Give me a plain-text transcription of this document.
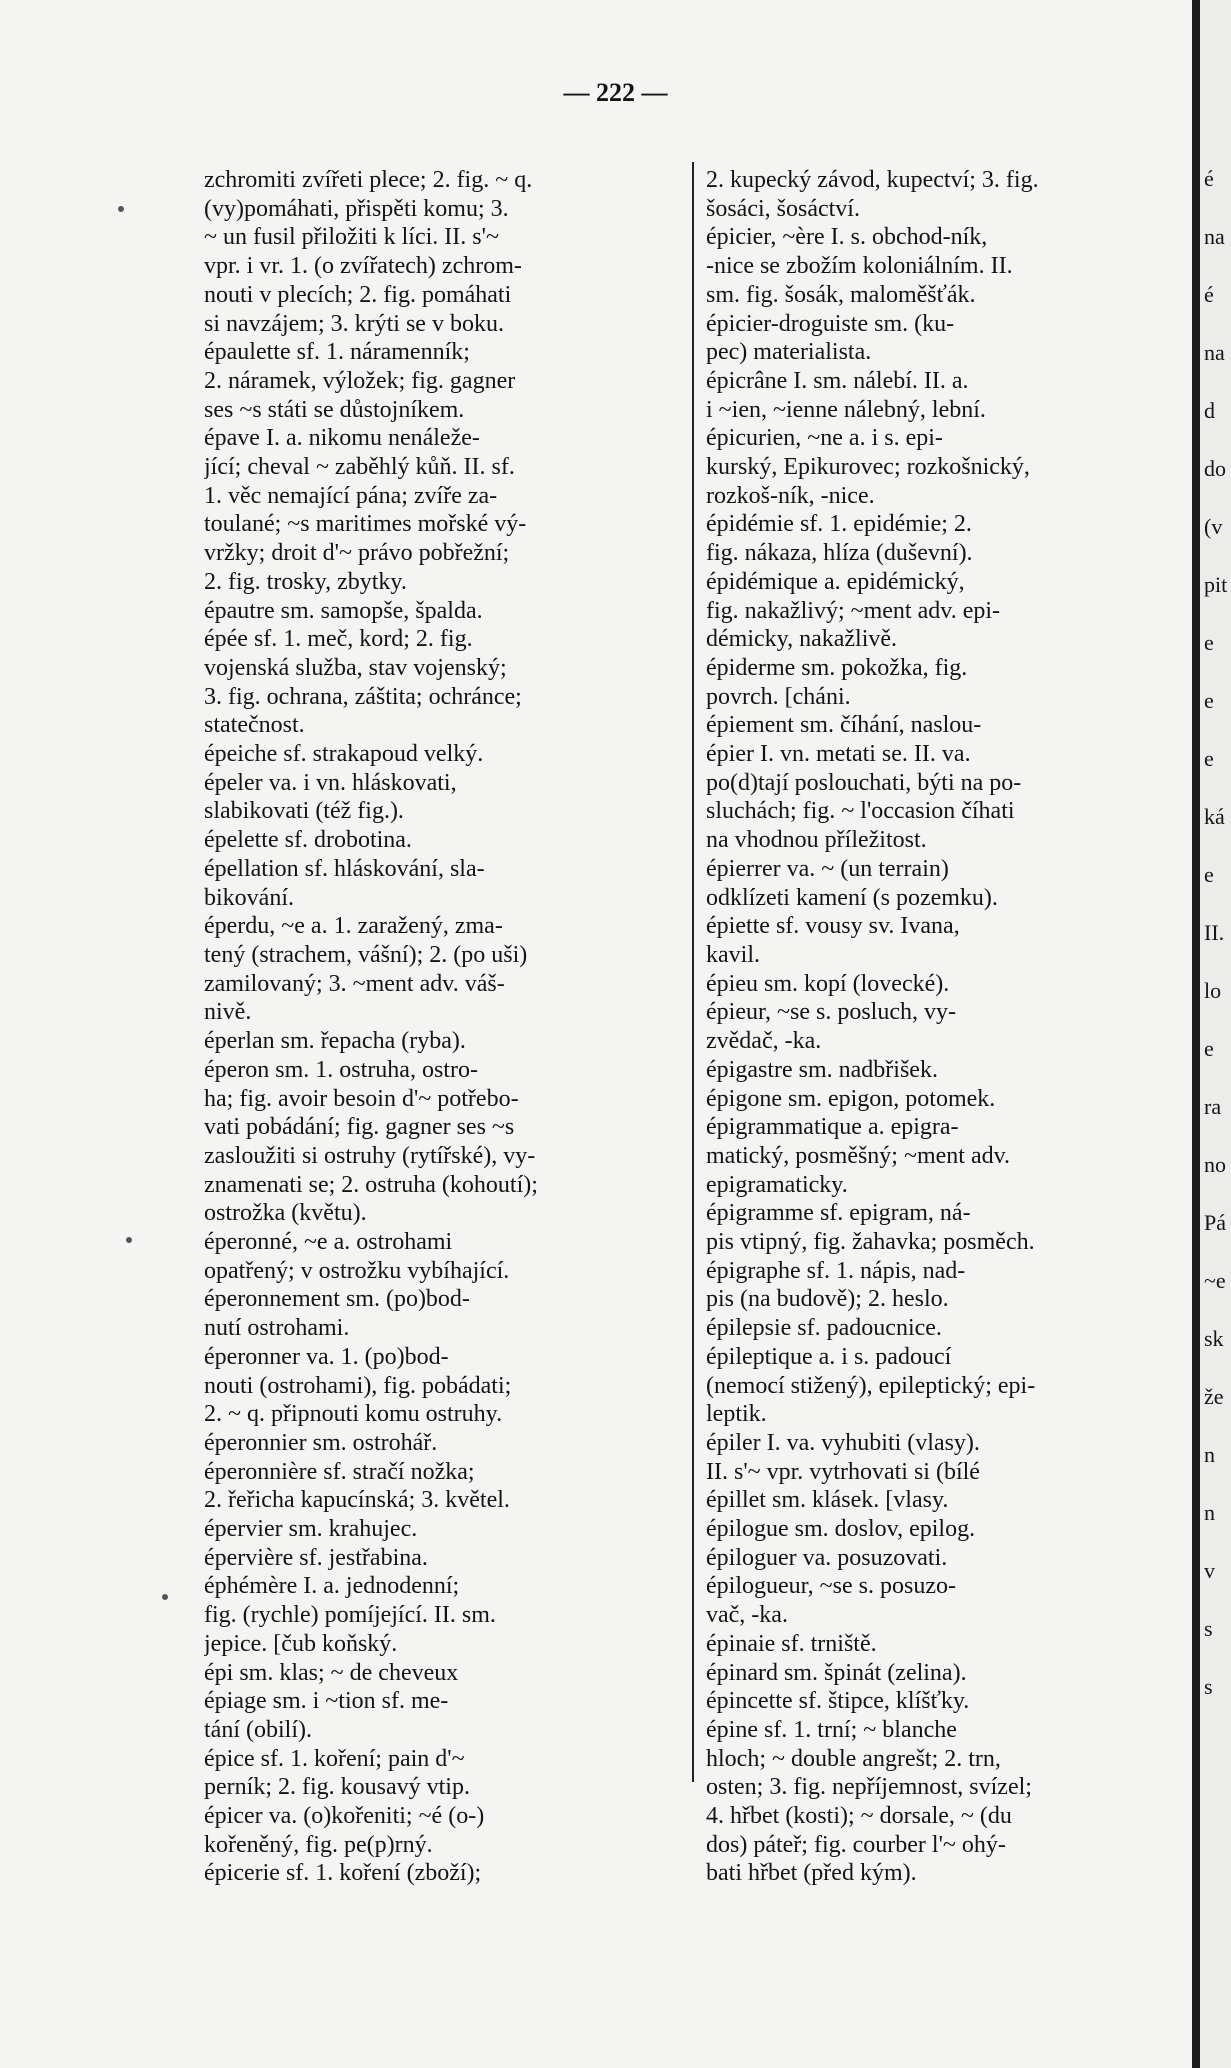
— 222 —

zchromiti zvířeti plece; 2. fig. ~ q.

(vy)pomáhati, přispěti komu; 3.

~ un fusil přiložiti k líci. II. s'~

vpr. i vr. 1. (o zvířatech) zchrom-

nouti v plecích; 2. fig. pomáhati

si navzájem; 3. krýti se v boku.

épaulette sf. 1. náramenník;

2. náramek, výložek; fig. gagner

ses ~s státi se důstojníkem.

épave I. a. nikomu nenáleže-

jící; cheval ~ zaběhlý kůň. II. sf.

1. věc nemající pána; zvíře za-

toulané; ~s maritimes mořské vý-

vržky; droit d'~ právo pobřežní;

2. fig. trosky, zbytky.

épautre sm. samopše, špalda.

épée sf. 1. meč, kord; 2. fig.

vojenská služba, stav vojenský;

3. fig. ochrana, záštita; ochránce;

statečnost.

épeiche sf. strakapoud velký.

épeler va. i vn. hláskovati,

slabikovati (též fig.).

épelette sf. drobotina.

épellation sf. hláskování, sla-

bikování.

éperdu, ~e a. 1. zaražený, zma-

tený (strachem, vášní); 2. (po uši)

zamilovaný; 3. ~ment adv. váš-

nivě.

éperlan sm. řepacha (ryba).

éperon sm. 1. ostruha, ostro-

ha; fig. avoir besoin d'~ potřebo-

vati pobádání; fig. gagner ses ~s

zasloužiti si ostruhy (rytířské), vy-

znamenati se; 2. ostruha (kohoutí);

ostrožka (květu).

éperonné, ~e a. ostrohami

opatřený; v ostrožku vybíhající.

éperonnement sm. (po)bod-

nutí ostrohami.

éperonner va. 1. (po)bod-

nouti (ostrohami), fig. pobádati;

2. ~ q. připnouti komu ostruhy.

éperonnier sm. ostrohář.

éperonnière sf. stračí nožka;

2. řeřicha kapucínská; 3. květel.

épervier sm. krahujec.

épervière sf. jestřabina.

éphémère I. a. jednodenní;

fig. (rychle) pomíjející. II. sm.

jepice. [čub koňský.

épi sm. klas; ~ de cheveux

épiage sm. i ~tion sf. me-

tání (obilí).

épice sf. 1. koření; pain d'~

perník; 2. fig. kousavý vtip.

épicer va. (o)kořeniti; ~é (o-)

kořeněný, fig. pe(p)rný.

épicerie sf. 1. koření (zboží);

2. kupecký závod, kupectví; 3. fig.

šosáci, šosáctví.

épicier, ~ère I. s. obchod-ník,

-nice se zbožím koloniálním. II.

sm. fig. šosák, maloměšťák.

épicier-droguiste sm. (ku-

pec) materialista.

épicrâne I. sm. nálebí. II. a.

i ~ien, ~ienne nálebný, lební.

épicurien, ~ne a. i s. epi-

kurský, Epikurovec; rozkošnický,

rozkoš-ník, -nice.

épidémie sf. 1. epidémie; 2.

fig. nákaza, hlíza (duševní).

épidémique a. epidémický,

fig. nakažlivý; ~ment adv. epi-

démicky, nakažlivě.

épiderme sm. pokožka, fig.

povrch. [cháni.

épiement sm. číhání, naslou-

épier I. vn. metati se. II. va.

po(d)tají poslouchati, býti na po-

sluchách; fig. ~ l'occasion číhati

na vhodnou příležitost.

épierrer va. ~ (un terrain)

odklízeti kamení (s pozemku).

épiette sf. vousy sv. Ivana,

kavil.

épieu sm. kopí (lovecké).

épieur, ~se s. posluch, vy-

zvědač, -ka.

épigastre sm. nadbřišek.

épigone sm. epigon, potomek.

épigrammatique a. epigra-

matický, posměšný; ~ment adv.

epigramaticky.

épigramme sf. epigram, ná-

pis vtipný, fig. žahavka; posměch.

épigraphe sf. 1. nápis, nad-

pis (na budově); 2. heslo.

épilepsie sf. padoucnice.

épileptique a. i s. padoucí

(nemocí stižený), epileptický; epi-

leptik.

épiler I. va. vyhubiti (vlasy).

II. s'~ vpr. vytrhovati si (bílé

épillet sm. klásek. [vlasy.

épilogue sm. doslov, epilog.

épiloguer va. posuzovati.

épilogueur, ~se s. posuzo-

vač, -ka.

épinaie sf. trniště.

épinard sm. špinát (zelina).

épincette sf. štipce, klíšťky.

épine sf. 1. trní; ~ blanche

hloch; ~ double angrešt; 2. trn,

osten; 3. fig. nepříjemnost, svízel;

4. hřbet (kosti); ~ dorsale, ~ (du

dos) páteř; fig. courber l'~ ohý-

bati hřbet (před kým).

é
na
é
na
d
do
(v
pit
e
e
e
ká
e
II.
lo
e
ra
no
Pá
~e
sk
že
n
n
v
s
s
